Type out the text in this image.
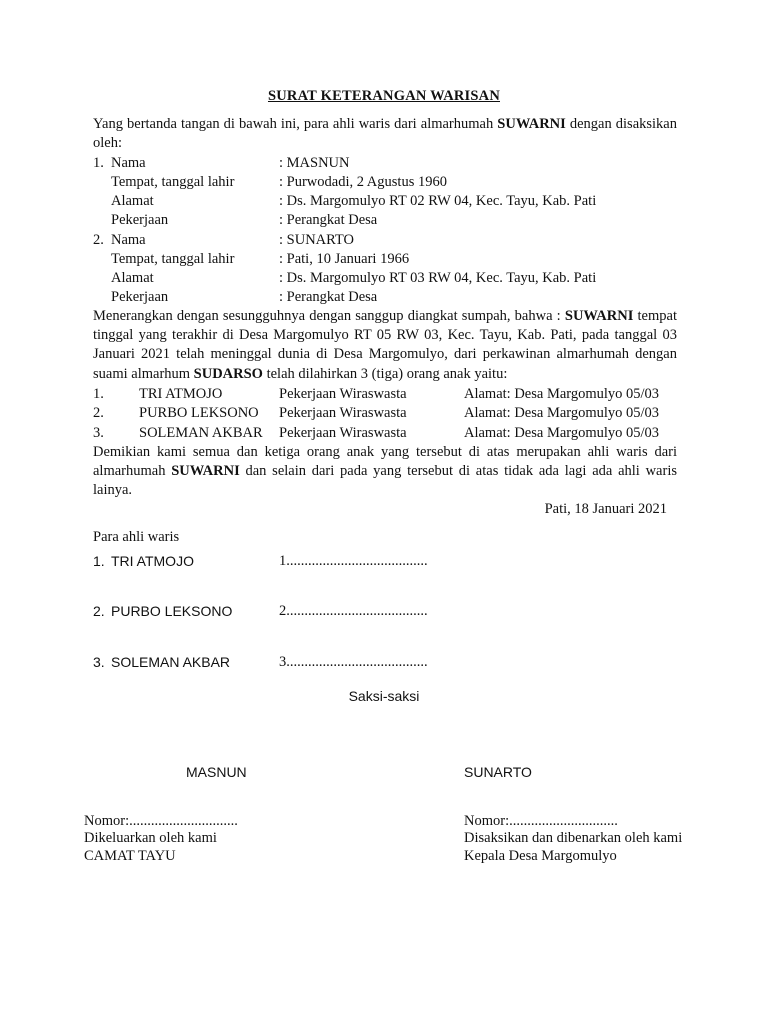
SURAT KETERANGAN WARISAN
Yang bertanda tangan di bawah ini, para ahli waris dari almarhumah SUWARNI dengan disaksikan oleh:
1. Nama	: MASNUN
Tempat, tanggal lahir	: Purwodadi, 2 Agustus 1960
Alamat	: Ds. Margomulyo RT 02 RW 04, Kec. Tayu, Kab. Pati
Pekerjaan	: Perangkat Desa
2. Nama	: SUNARTO
Tempat, tanggal lahir	: Pati, 10 Januari 1966
Alamat	: Ds. Margomulyo RT 03 RW 04, Kec. Tayu, Kab. Pati
Pekerjaan	: Perangkat Desa
Menerangkan dengan sesungguhnya dengan sanggup diangkat sumpah, bahwa : SUWARNI tempat tinggal yang terakhir di Desa Margomulyo RT 05 RW 03, Kec. Tayu, Kab. Pati, pada tanggal 03 Januari 2021 telah meninggal dunia di Desa Margomulyo, dari perkawinan almarhumah dengan suami almarhum SUDARSO telah dilahirkan 3 (tiga) orang anak yaitu:
1. TRI ATMOJO	Pekerjaan Wiraswasta	Alamat: Desa Margomulyo 05/03
2. PURBO LEKSONO Pekerjaan Wiraswasta	Alamat: Desa Margomulyo 05/03
3. SOLEMAN AKBAR Pekerjaan Wiraswasta	Alamat: Desa Margomulyo 05/03
Demikian kami semua dan ketiga orang anak yang tersebut di atas merupakan ahli waris dari almarhumah SUWARNI dan selain dari pada yang tersebut di atas tidak ada lagi ada ahli waris lainya.
Pati, 18 Januari 2021
Para ahli waris
1. TRI ATMOJO	1.......................................
2. PURBO LEKSONO	2.......................................
3. SOLEMAN AKBAR	3.......................................
Saksi-saksi
MASNUN	SUNARTO
Nomor:..............................
Dikeluarkan oleh kami
CAMAT TAYU
Nomor:..............................
Disaksikan dan dibenarkan oleh kami
Kepala Desa Margomulyo
